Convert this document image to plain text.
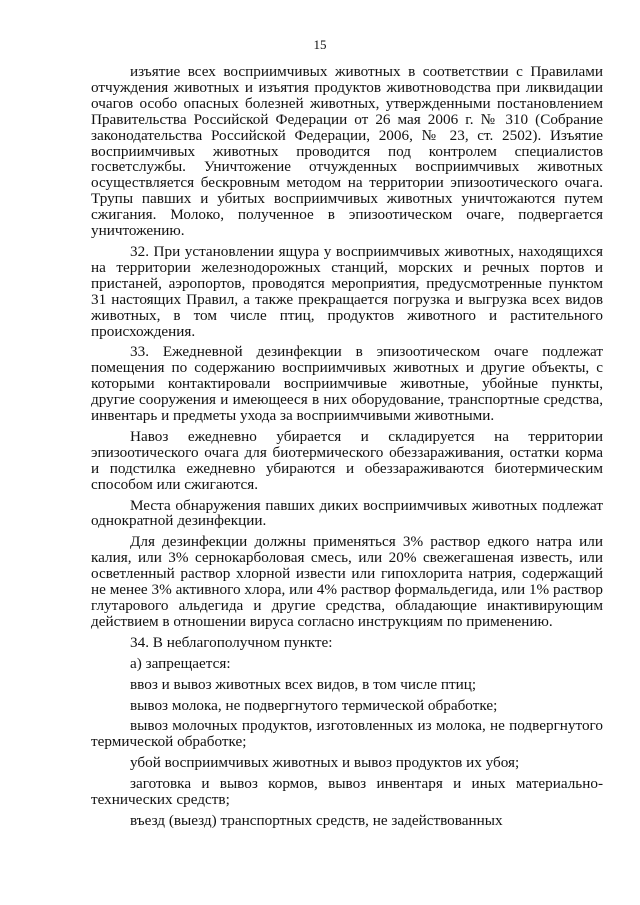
15

изъятие всех восприимчивых животных в соответствии с Правилами отчуждения животных и изъятия продуктов животноводства при ликвидации очагов особо опасных болезней животных, утвержденными постановлением Правительства Российской Федерации от 26 мая 2006 г. № 310 (Собрание законодательства Российской Федерации, 2006, № 23, ст. 2502). Изъятие восприимчивых животных проводится под контролем специалистов госветслужбы. Уничтожение отчужденных восприимчивых животных осуществляется бескровным методом на территории эпизоотического очага. Трупы павших и убитых восприимчивых животных уничтожаются путем сжигания. Молоко, полученное в эпизоотическом очаге, подвергается уничтожению.

32. При установлении ящура у восприимчивых животных, находящихся на территории железнодорожных станций, морских и речных портов и пристаней, аэропортов, проводятся мероприятия, предусмотренные пунктом 31 настоящих Правил, а также прекращается погрузка и выгрузка всех видов животных, в том числе птиц, продуктов животного и растительного происхождения.

33. Ежедневной дезинфекции в эпизоотическом очаге подлежат помещения по содержанию восприимчивых животных и другие объекты, с которыми контактировали восприимчивые животные, убойные пункты, другие сооружения и имеющееся в них оборудование, транспортные средства, инвентарь и предметы ухода за восприимчивыми животными.

Навоз ежедневно убирается и складируется на территории эпизоотического очага для биотермического обеззараживания, остатки корма и подстилка ежедневно убираются и обеззараживаются биотермическим способом или сжигаются.

Места обнаружения павших диких восприимчивых животных подлежат однократной дезинфекции.

Для дезинфекции должны применяться 3% раствор едкого натра или калия, или 3% сернокарболовая смесь, или 20% свежегашеная известь, или осветленный раствор хлорной извести или гипохлорита натрия, содержащий не менее 3% активного хлора, или 4% раствор формальдегида, или 1% раствор глутарового альдегида и другие средства, обладающие инактивирующим действием в отношении вируса согласно инструкциям по применению.

34. В неблагополучном пункте:

а) запрещается:

ввоз и вывоз животных всех видов, в том числе птиц;

вывоз молока, не подвергнутого термической обработке;

вывоз молочных продуктов, изготовленных из молока, не подвергнутого термической обработке;

убой восприимчивых животных и вывоз продуктов их убоя;

заготовка и вывоз кормов, вывоз инвентаря и иных материально-технических средств;

въезд (выезд) транспортных средств, не задействованных
